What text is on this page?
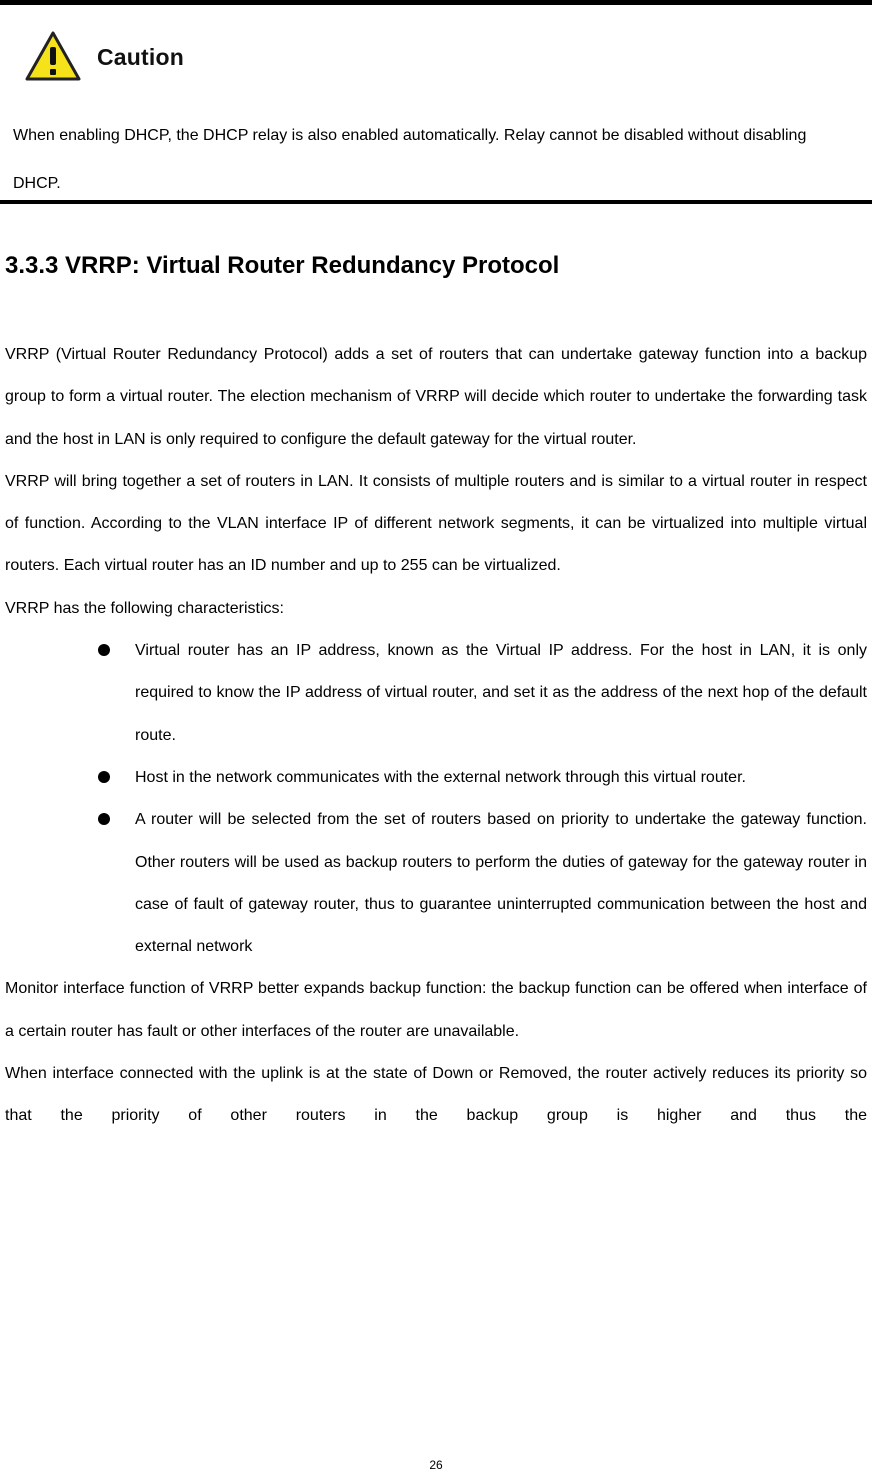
Caution
When enabling DHCP, the DHCP relay is also enabled automatically. Relay cannot be disabled without disabling DHCP.
3.3.3 VRRP: Virtual Router Redundancy Protocol

VRRP (Virtual Router Redundancy Protocol) adds a set of routers that can undertake gateway function into a backup group to form a virtual router. The election mechanism of VRRP will decide which router to undertake the forwarding task and the host in LAN is only required to configure the default gateway for the virtual router.

VRRP will bring together a set of routers in LAN. It consists of multiple routers and is similar to a virtual router in respect of function. According to the VLAN interface IP of different network segments, it can be virtualized into multiple virtual routers. Each virtual router has an ID number and up to 255 can be virtualized.

VRRP has the following characteristics:

Virtual router has an IP address, known as the Virtual IP address. For the host in LAN, it is only required to know the IP address of virtual router, and set it as the address of the next hop of the default route.
Host in the network communicates with the external network through this virtual router.
A router will be selected from the set of routers based on priority to undertake the gateway function. Other routers will be used as backup routers to perform the duties of gateway for the gateway router in case of fault of gateway router, thus to guarantee uninterrupted communication between the host and external network

Monitor interface function of VRRP better expands backup function: the backup function can be offered when interface of a certain router has fault or other interfaces of the router are unavailable.

When interface connected with the uplink is at the state of Down or Removed, the router actively reduces its priority so that the priority of other routers in the backup group is higher and thus the

26
